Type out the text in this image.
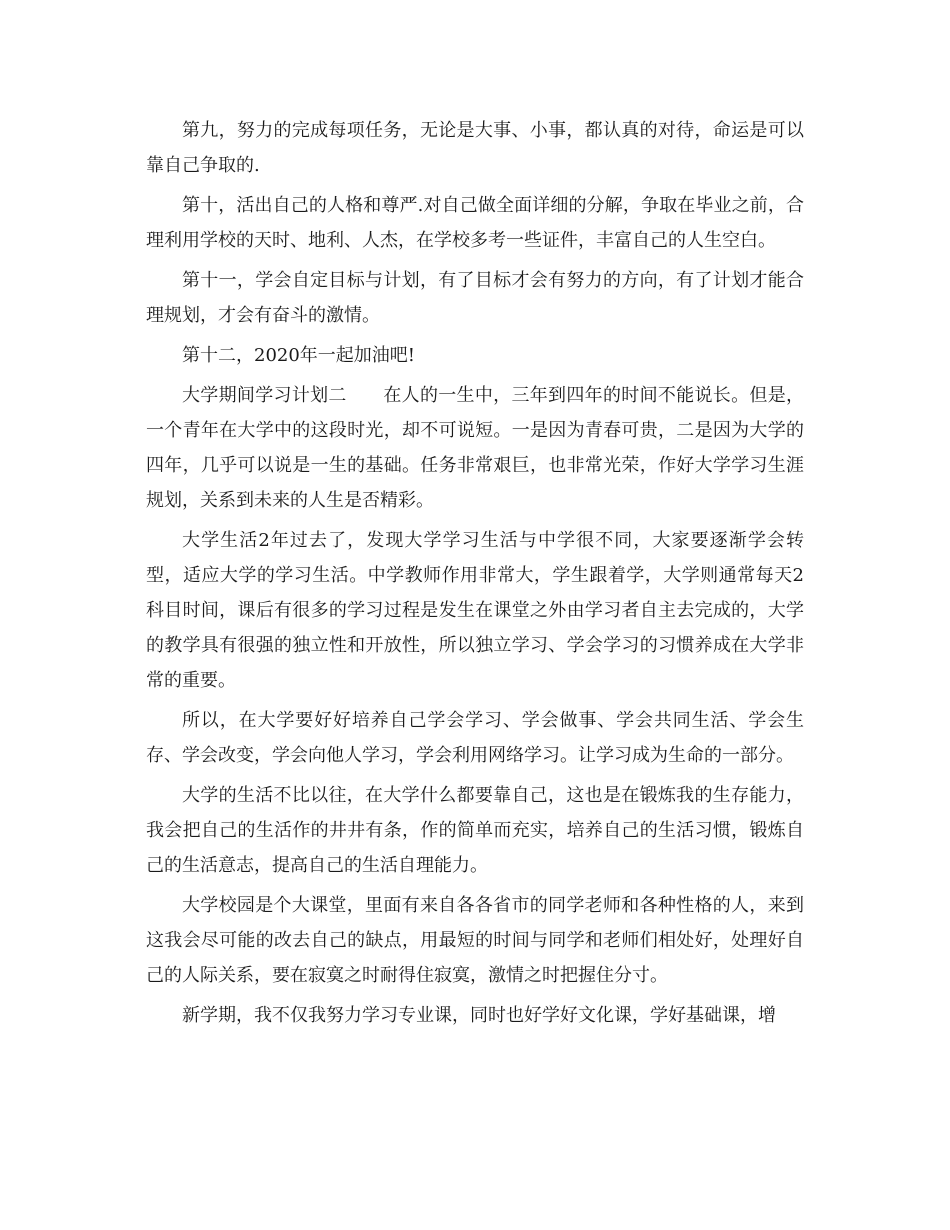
第九，努力的完成每项任务，无论是大事、小事，都认真的对待，命运是可以靠自己争取的.

第十，活出自己的人格和尊严.对自己做全面详细的分解，争取在毕业之前，合理利用学校的天时、地利、人杰，在学校多考一些证件，丰富自己的人生空白。

第十一，学会自定目标与计划，有了目标才会有努力的方向，有了计划才能合理规划，才会有奋斗的激情。

第十二，2020年一起加油吧!

大学期间学习计划二　　在人的一生中，三年到四年的时间不能说长。但是，一个青年在大学中的这段时光，却不可说短。一是因为青春可贵，二是因为大学的四年，几乎可以说是一生的基础。任务非常艰巨，也非常光荣，作好大学学习生涯规划，关系到未来的人生是否精彩。

大学生活2年过去了，发现大学学习生活与中学很不同，大家要逐渐学会转型，适应大学的学习生活。中学教师作用非常大，学生跟着学，大学则通常每天2科目时间，课后有很多的学习过程是发生在课堂之外由学习者自主去完成的，大学的教学具有很强的独立性和开放性，所以独立学习、学会学习的习惯养成在大学非常的重要。

所以，在大学要好好培养自己学会学习、学会做事、学会共同生活、学会生存、学会改变，学会向他人学习，学会利用网络学习。让学习成为生命的一部分。

大学的生活不比以往，在大学什么都要靠自己，这也是在锻炼我的生存能力，我会把自己的生活作的井井有条，作的简单而充实，培养自己的生活习惯，锻炼自己的生活意志，提高自己的生活自理能力。

大学校园是个大课堂，里面有来自各各省市的同学老师和各种性格的人，来到这我会尽可能的改去自己的缺点，用最短的时间与同学和老师们相处好，处理好自己的人际关系，要在寂寞之时耐得住寂寞，激情之时把握住分寸。

新学期，我不仅我努力学习专业课，同时也好学好文化课，学好基础课，增
